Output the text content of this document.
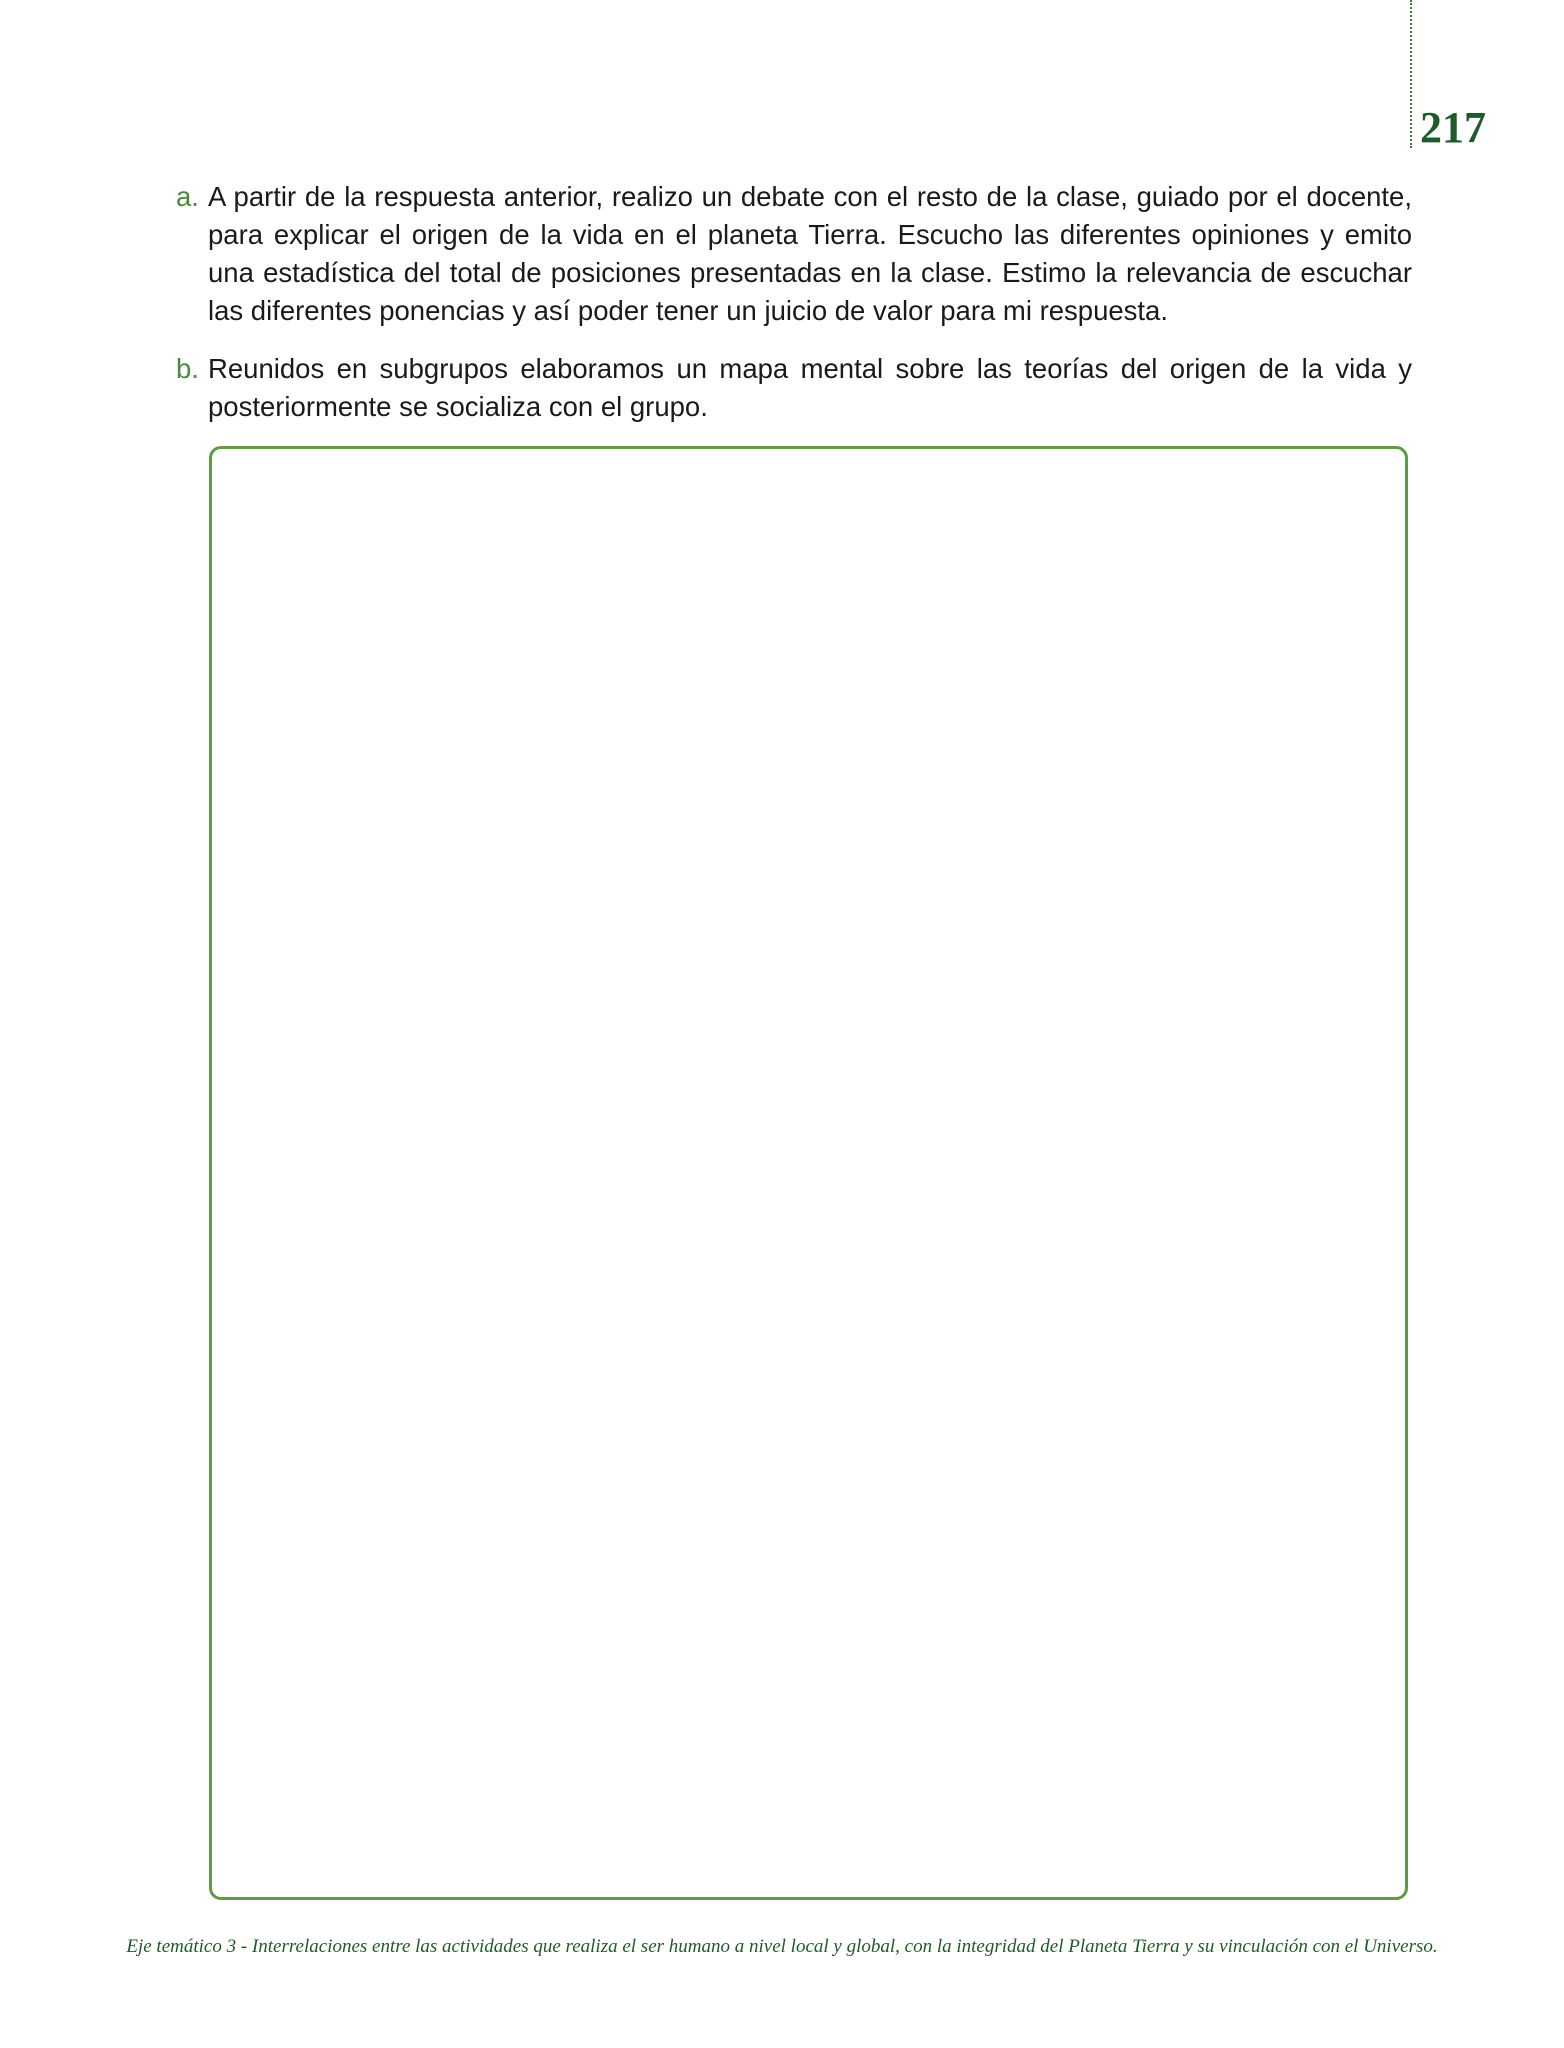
217
a. A partir de la respuesta anterior, realizo un debate con el resto de la clase, guiado por el docente, para explicar el origen de la vida en el planeta Tierra. Escucho las diferentes opiniones y emito una estadística del total de posiciones presentadas en la clase. Estimo la relevancia de escuchar las diferentes ponencias y así poder tener un juicio de valor para mi respuesta.
b. Reunidos en subgrupos elaboramos un mapa mental sobre las teorías del origen de la vida y posteriormente se socializa con el grupo.
Eje temático 3 - Interrelaciones entre las actividades que realiza el ser humano a nivel local y global, con la integridad del Planeta Tierra y su vinculación con el Universo.
